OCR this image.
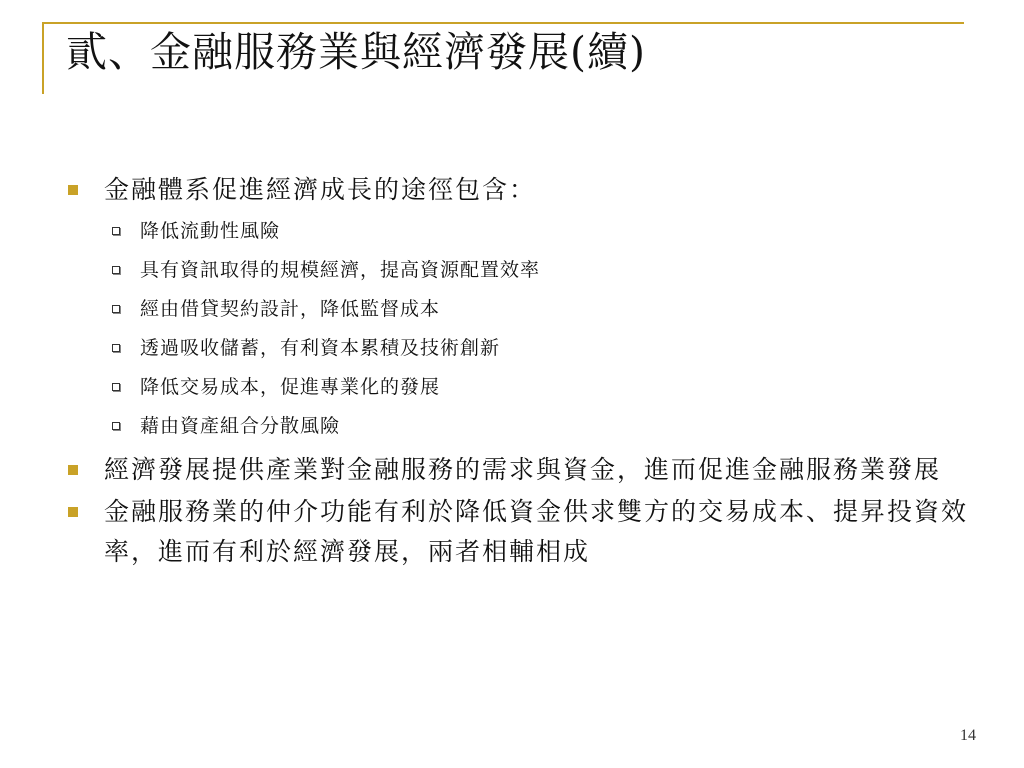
貳、金融服務業與經濟發展(續)
金融體系促進經濟成長的途徑包含：
降低流動性風險
具有資訊取得的規模經濟，提高資源配置效率
經由借貸契約設計，降低監督成本
透過吸收儲蓄，有利資本累積及技術創新
降低交易成本，促進專業化的發展
藉由資產組合分散風險
經濟發展提供產業對金融服務的需求與資金，進而促進金融服務業發展
金融服務業的仲介功能有利於降低資金供求雙方的交易成本、提昇投資效率，進而有利於經濟發展，兩者相輔相成
14
